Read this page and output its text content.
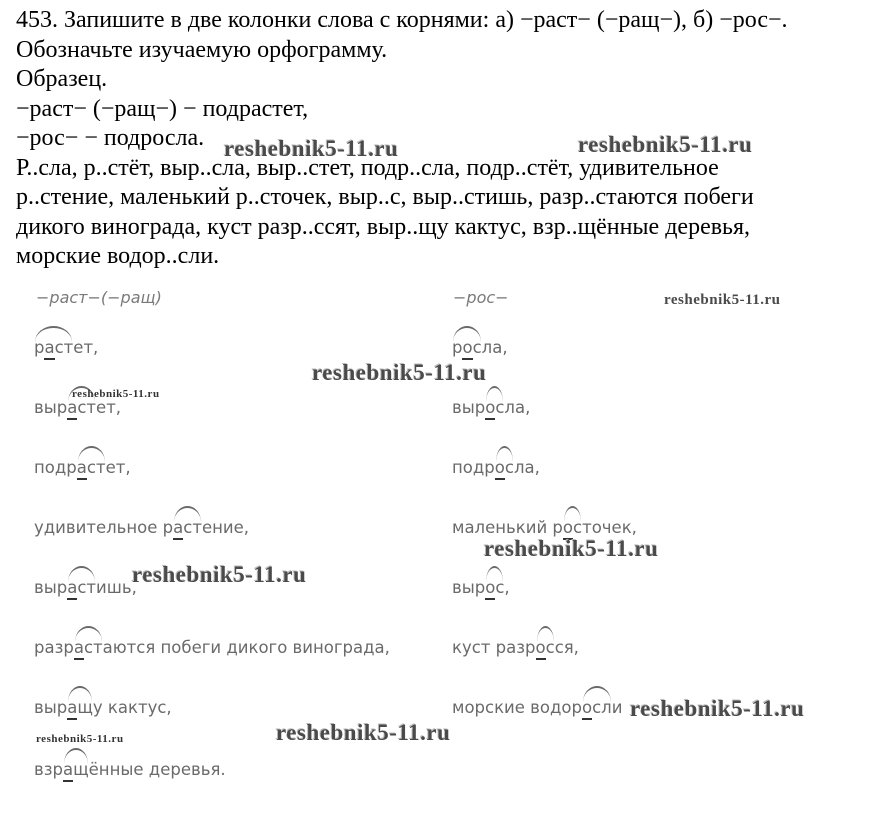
453. Запишите в две колонки слова с корнями: а) −раст− (−ращ−), б) −рос−.

Обозначьте изучаемую орфограмму.

Образец.

−раст− (−ращ−) − подрастет,

−рос− − подросла.

Р..сла, р..стёт, выр..сла, выр..стет, подр..сла, подр..стёт, удивительное

р..стение, маленький р..сточек, выр..с, выр..стишь, разр..стаются побеги

дикого винограда, куст разр..ссят, выр..щу кактус, взр..щённые деревья,

морские водор..сли.

−раст−(−ращ)	−рос−
растет,
вырастет,
подрастет,
удивительное растение,
вырастишь,
разрастаются побеги дикого винограда,
выращу кактус,
взращённые деревья.
росла,
выросла,
подросла,
маленький росточек,
вырос,
куст разросся,
морские водоросли
reshebnik5-11.ru	reshebnik5-11.ru
reshebnik5-11.ru
reshebnik5-11.ru
reshebnik5-11.ru
reshebnik5-11.ru
reshebnik5-11.ru
reshebnik5-11.ru
reshebnik5-11.ru
reshebnik5-11.ru
